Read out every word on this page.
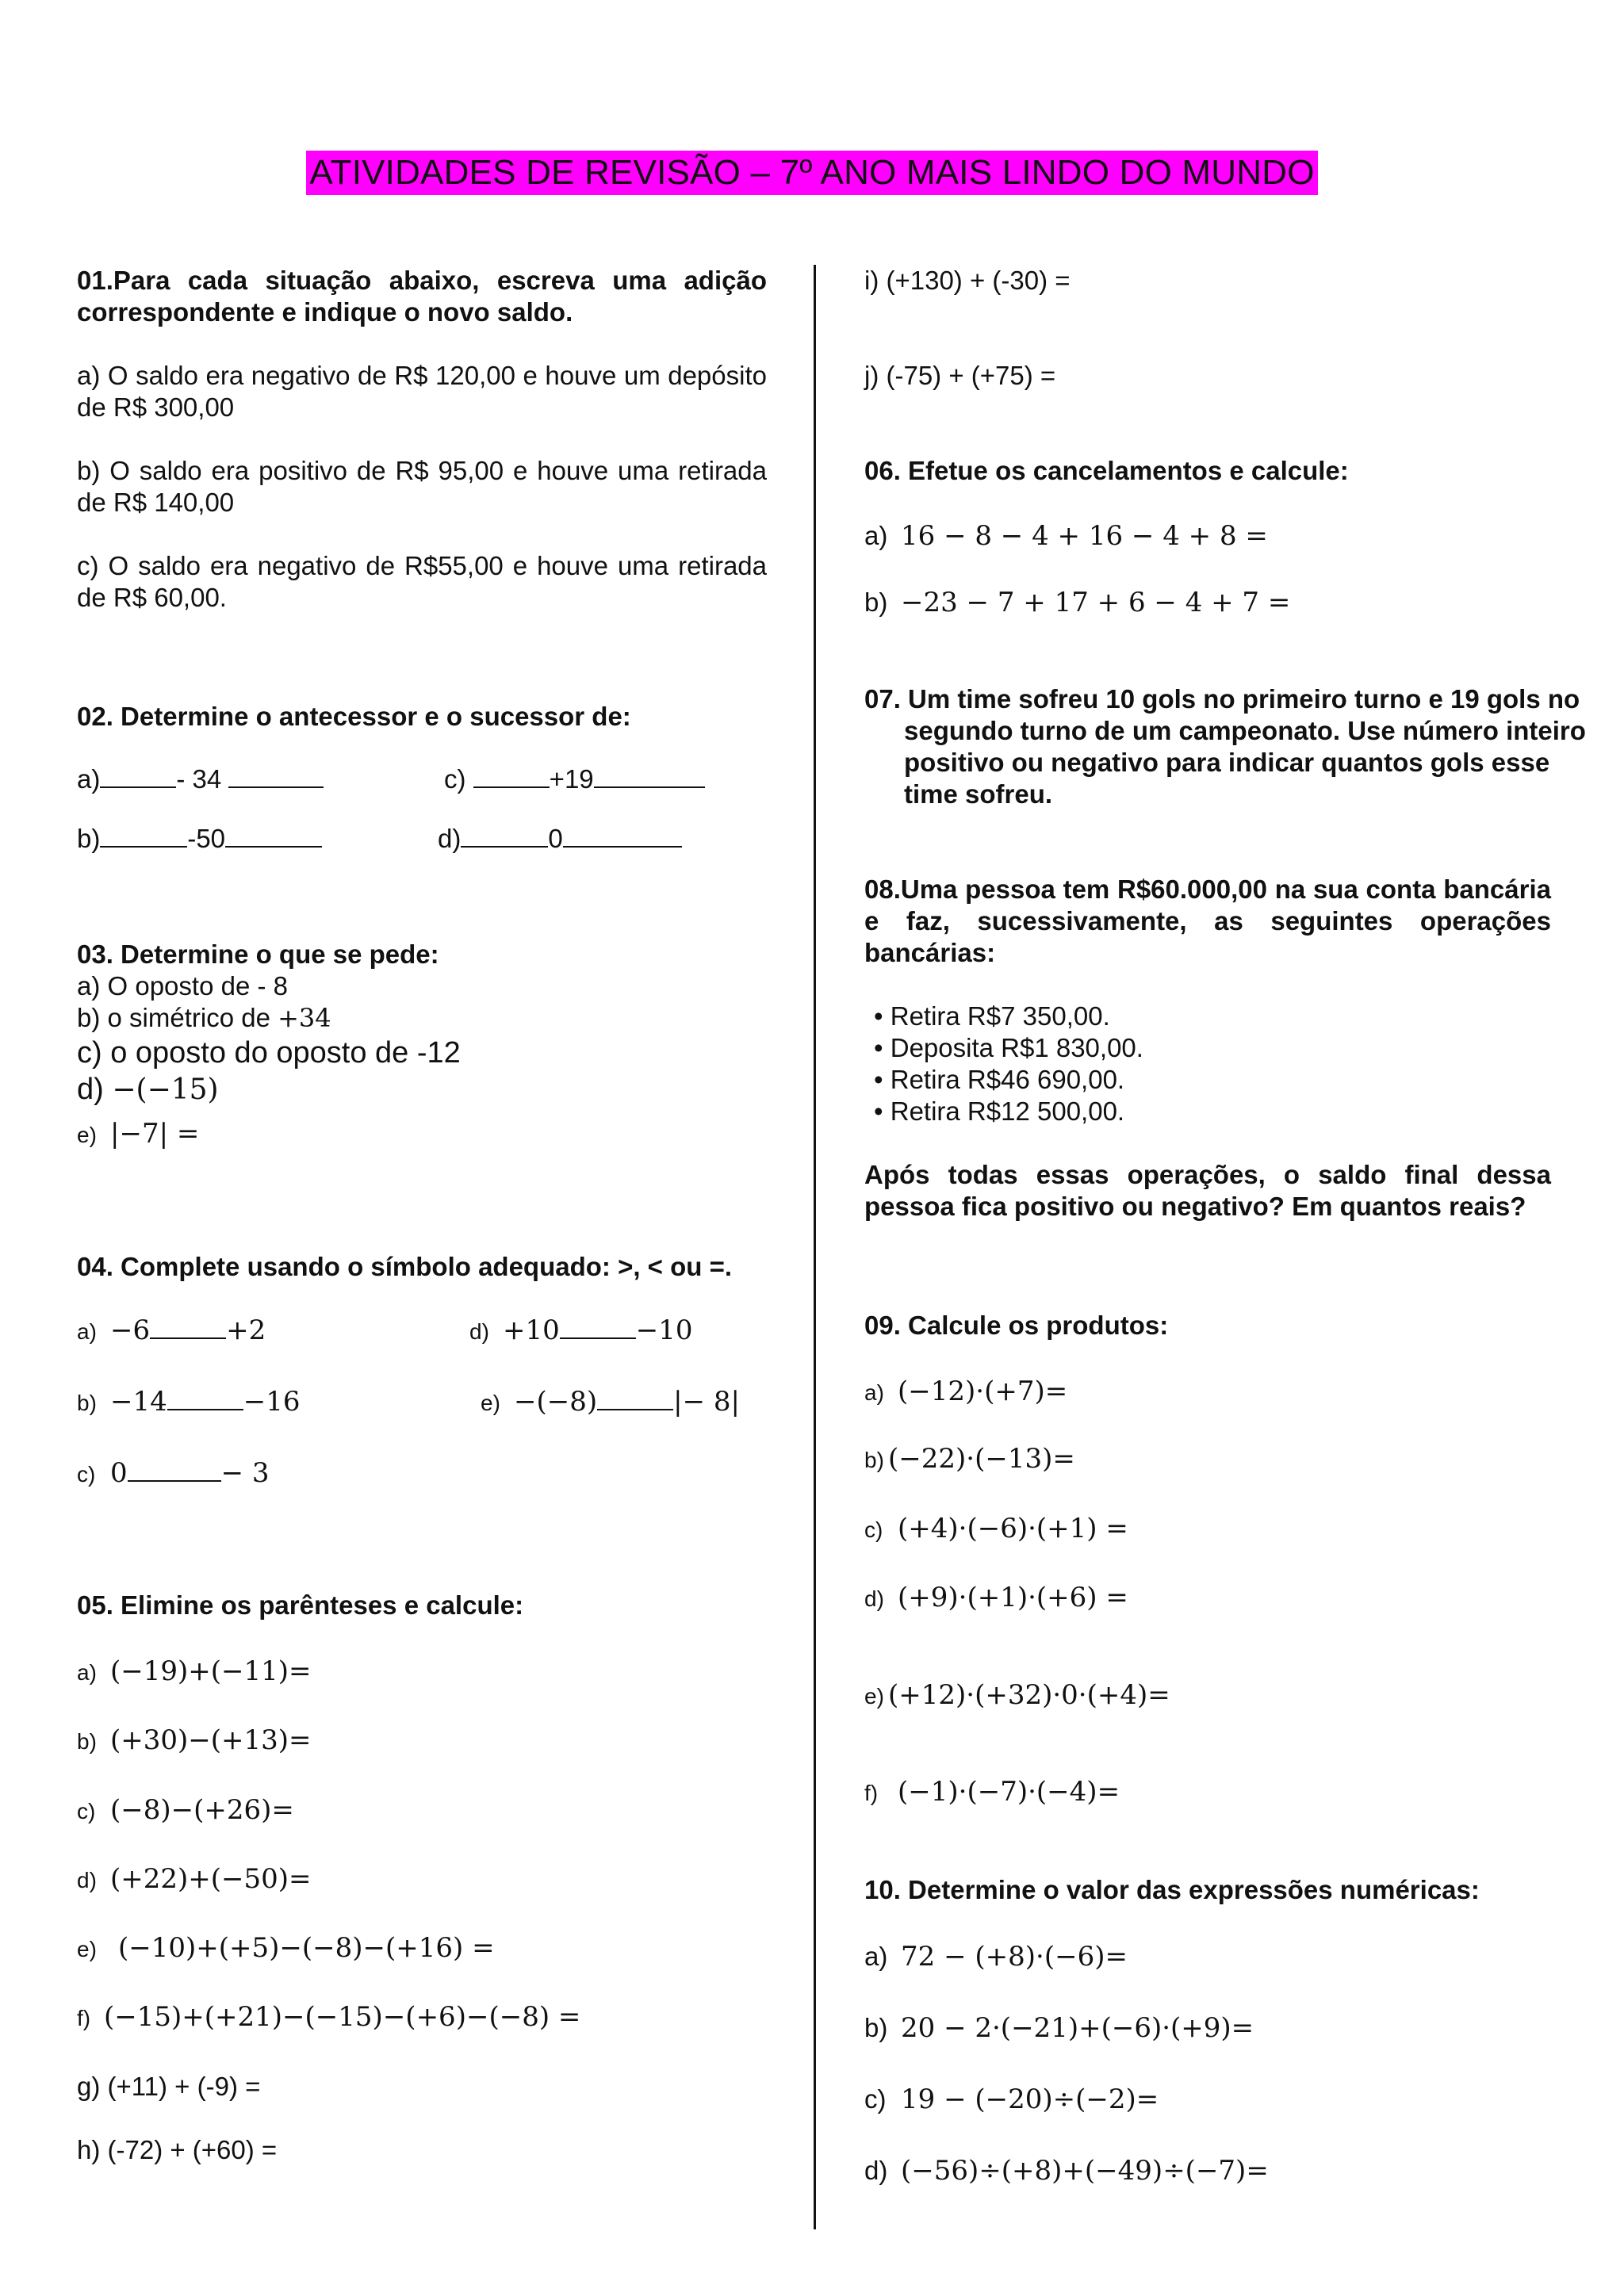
ATIVIDADES DE REVISÃO – 7º ANO MAIS LINDO DO MUNDO
01.Para cada situação abaixo, escreva uma adição correspondente e indique o novo saldo.
a) O saldo era negativo de R$ 120,00 e houve um depósito de R$ 300,00
b) O saldo era positivo de R$ 95,00 e houve uma retirada de R$ 140,00
c) O saldo era negativo de R$55,00 e houve uma retirada de R$ 60,00.
02. Determine o antecessor e o sucessor de:
a)	- 34	c)	+19
b)	-50	d)	0
03. Determine o que se pede:
a) O oposto de - 8
b) o simétrico de +34
c) o oposto do oposto de -12
d) −(−15)
e) |−7| =
04. Complete usando o símbolo adequado: >, < ou =.
a) −6	+2	d) +10	−10
b) −14	−16	e) −(−8)	|− 8|
c) 0	− 3
05. Elimine os parênteses e calcule:
a) (−19)+(−11)=
b) (+30)−(+13)=
c) (−8)−(+26)=
d) (+22)+(−50)=
e) (−10)+(+5)−(−8)−(+16) =
f) (−15)+(+21)−(−15)−(+6)−(−8) =
g) (+11) + (-9) =
h) (-72) + (+60) =
i) (+130) + (-30) =
j) (-75) + (+75) =
06. Efetue os cancelamentos e calcule:
a) 16 − 8 − 4 + 16 − 4 + 8 =
b) −23 − 7 + 17 + 6 − 4 + 7 =
07. Um time sofreu 10 gols no primeiro turno e 19 gols no segundo turno de um campeonato. Use número inteiro positivo ou negativo para indicar quantos gols esse time sofreu.
08.Uma pessoa tem R$60.000,00 na sua conta bancária e faz, sucessivamente, as seguintes operações bancárias:
• Retira R$7 350,00.
• Deposita R$1 830,00.
• Retira R$46 690,00.
• Retira R$12 500,00.
Após todas essas operações, o saldo final dessa pessoa fica positivo ou negativo? Em quantos reais?
09. Calcule os produtos:
a) (−12)·(+7)=
b) (−22)·(−13)=
c) (+4)·(−6)·(+1) =
d) (+9)·(+1)·(+6) =
e) (+12)·(+32)·0·(+4)=
f) (−1)·(−7)·(−4)=
10. Determine o valor das expressões numéricas:
a) 72 − (+8)·(−6)=
b) 20 − 2·(−21)+(−6)·(+9)=
c) 19 − (−20)÷(−2)=
d) (−56)÷(+8)+(−49)÷(−7)=
